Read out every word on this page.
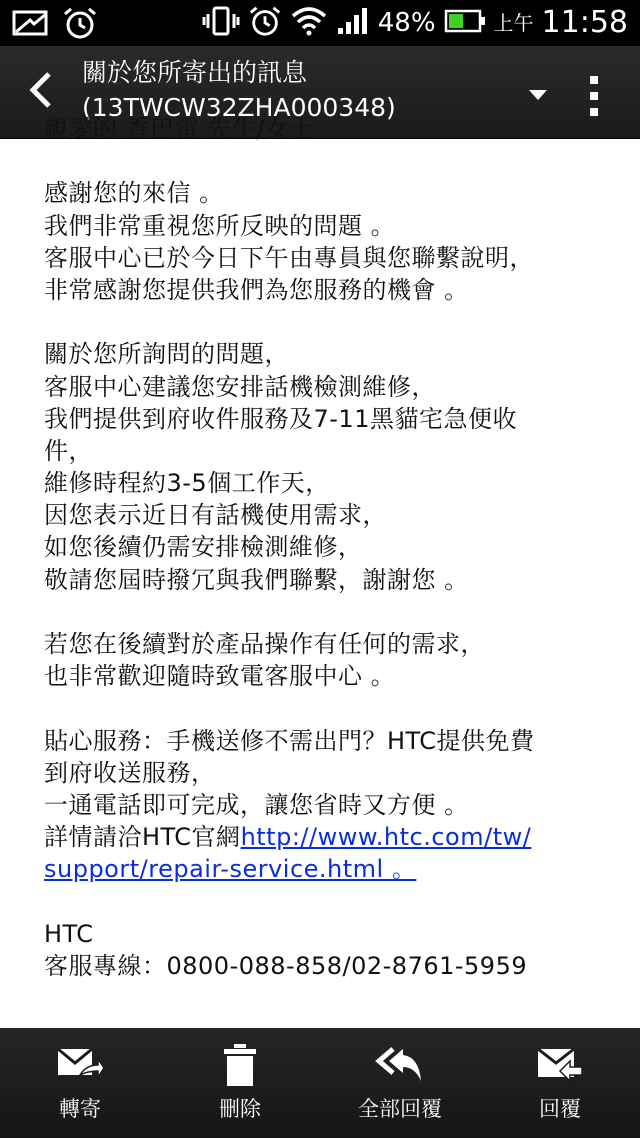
48%	上午 11:58
關於您所寄出的訊息
(13TWCW32ZHA000348)
親愛的 香巴雷 先生/女士
感謝您的來信 。
我們非常重視您所反映的問題 。
客服中心已於今日下午由專員與您聯繫說明，
非常感謝您提供我們為您服務的機會 。
關於您所詢問的問題，
客服中心建議您安排話機檢測維修，
我們提供到府收件服務及7-11黑貓宅急便收
件，
維修時程約3-5個工作天，
因您表示近日有話機使用需求，
如您後續仍需安排檢測維修，
敬請您屆時撥冗與我們聯繫，謝謝您 。
若您在後續對於產品操作有任何的需求，
也非常歡迎隨時致電客服中心 。
貼心服務：手機送修不需出門？HTC提供免費
到府收送服務，
一通電話即可完成，讓您省時又方便 。
詳情請洽HTC官網http://www.htc.com/tw/
support/repair-service.html 。
HTC
客服專線：0800-088-858/02-8761-5959
轉寄	刪除	全部回覆	回覆
